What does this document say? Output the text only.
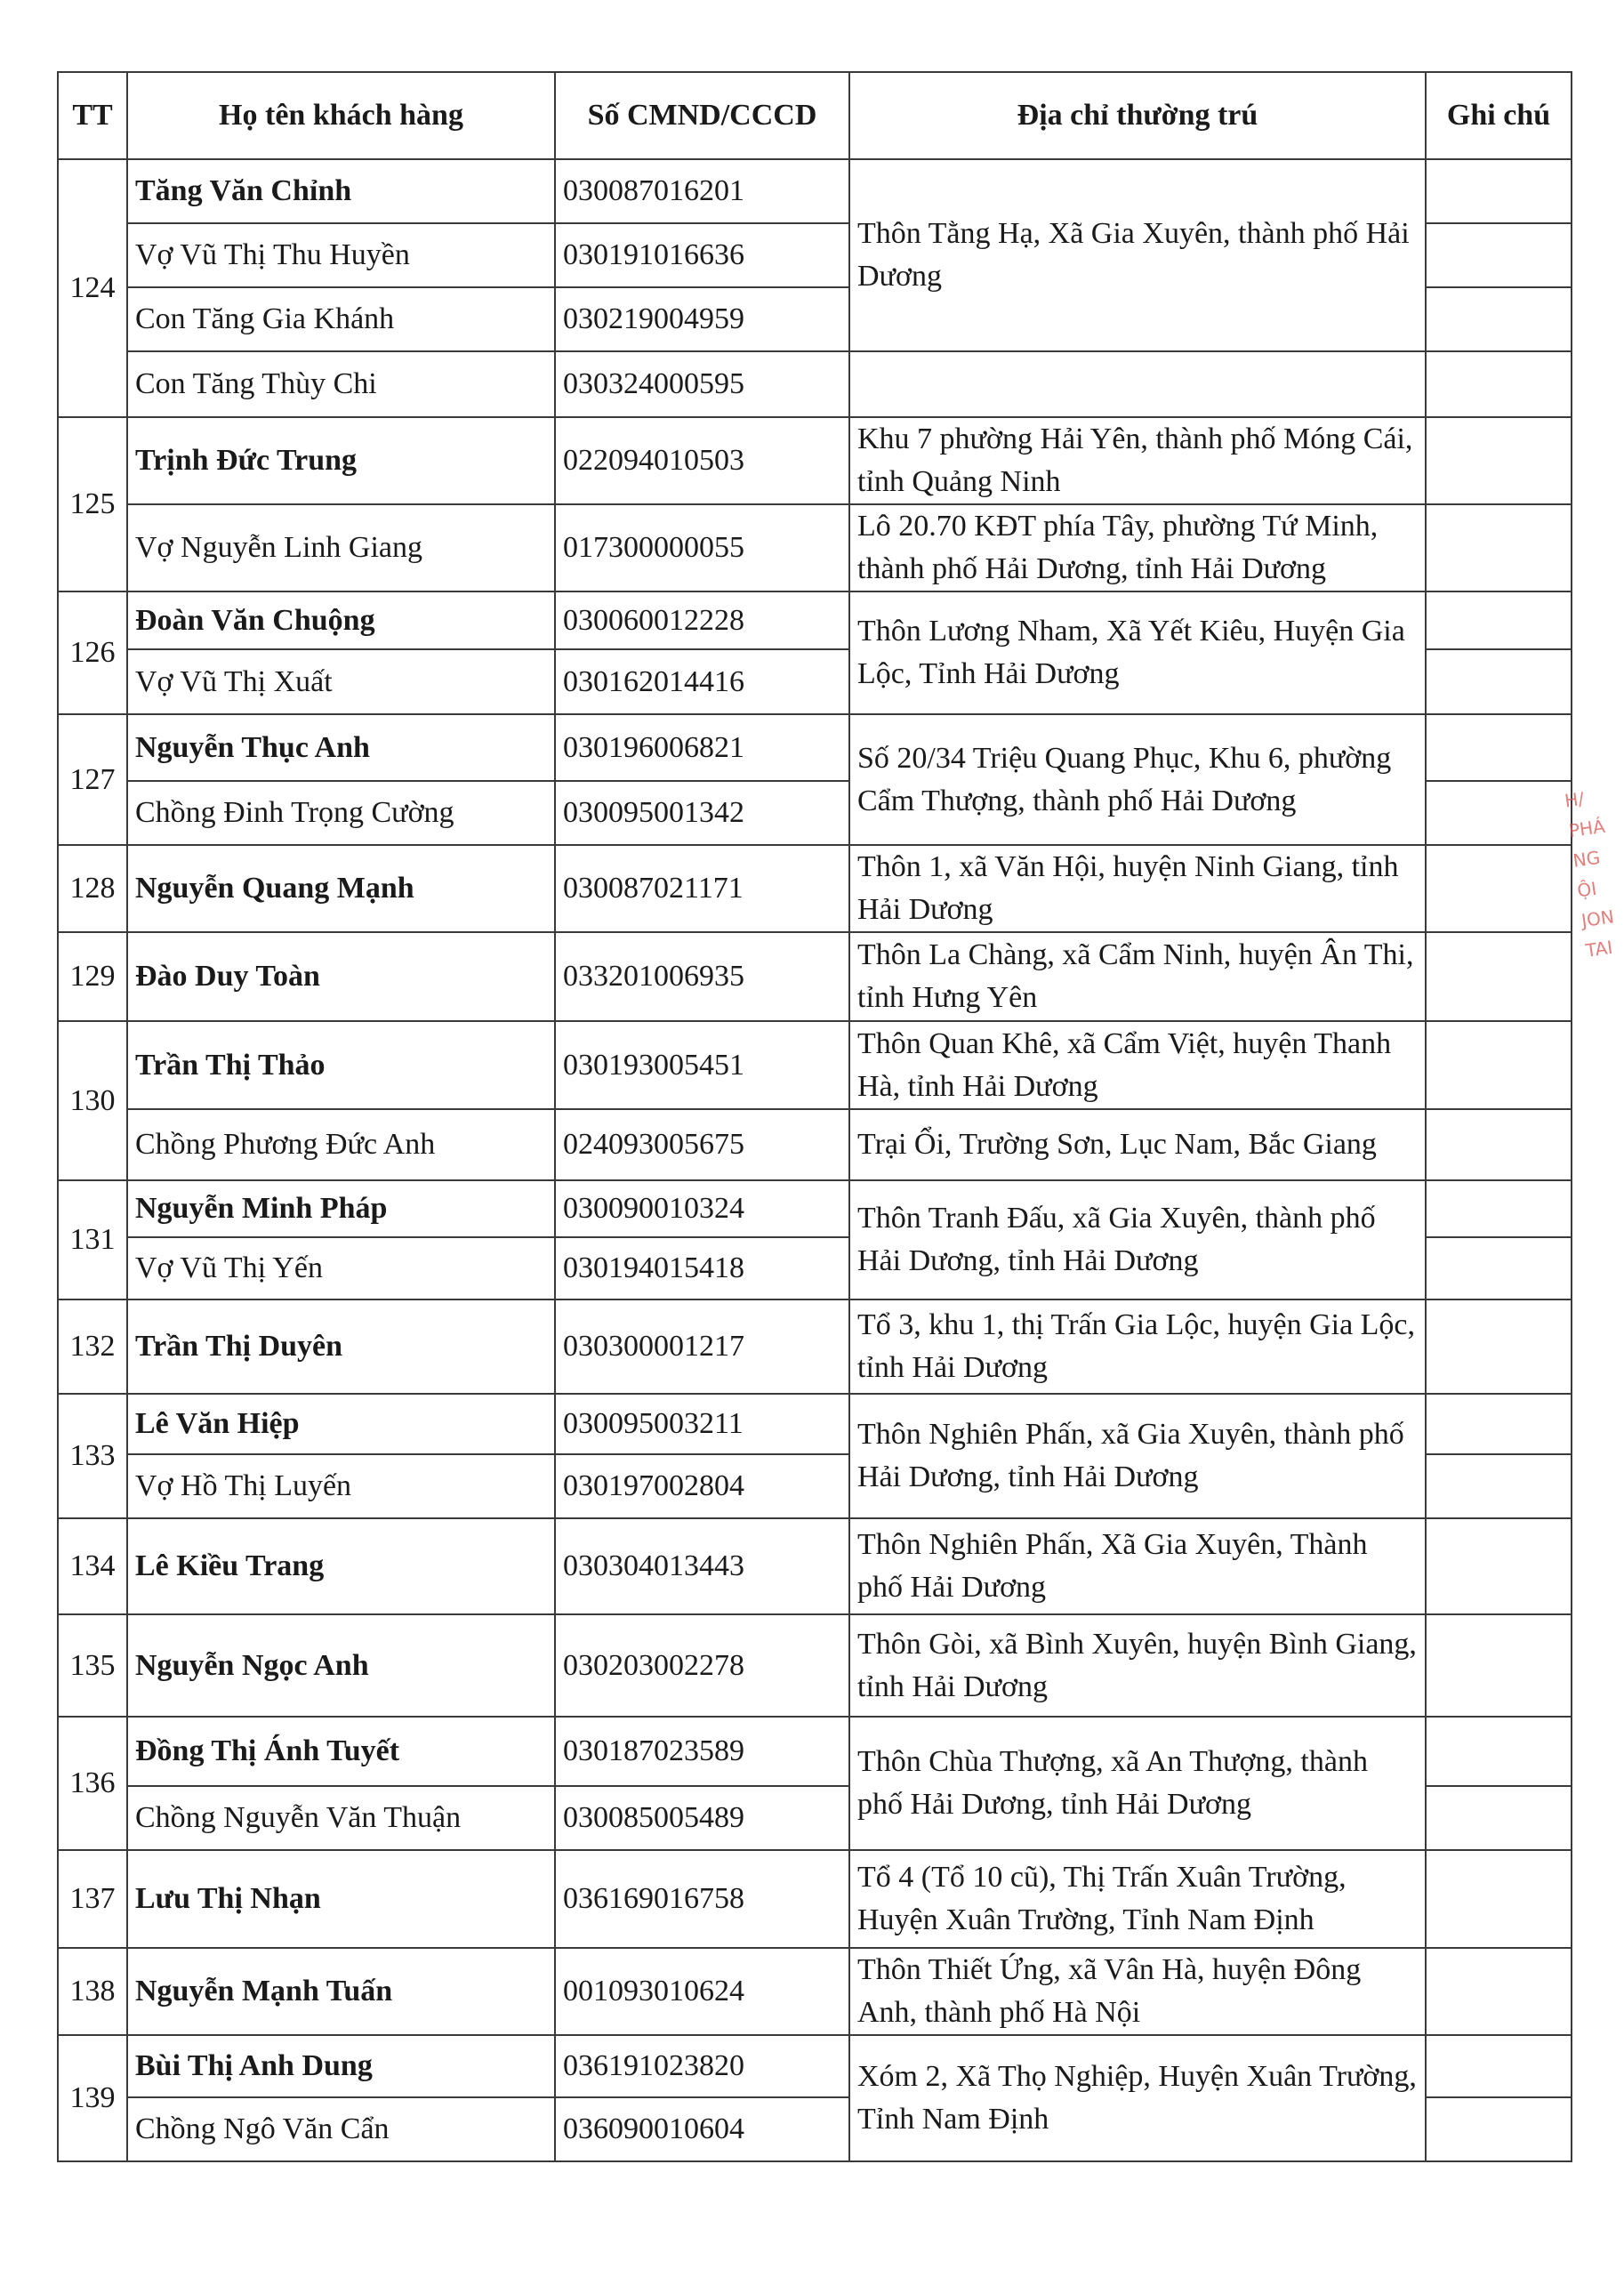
TT	Họ tên khách hàng	Số CMND/CCCD	Địa chỉ thường trú	Ghi chú
124	Tăng Văn Chỉnh	030087016201	Thôn Tằng Hạ, Xã Gia Xuyên, thành phố Hải Dương	
	Vợ Vũ Thị Thu Huyền	030191016636		
	Con Tăng Gia Khánh	030219004959		
	Con Tăng Thùy Chi	030324000595		
125	Trịnh Đức Trung	022094010503	Khu 7 phường Hải Yên, thành phố Móng Cái, tỉnh Quảng Ninh	
	Vợ Nguyễn Linh Giang	017300000055	Lô 20.70 KĐT phía Tây, phường Tứ Minh, thành phố Hải Dương, tỉnh Hải Dương	
126	Đoàn Văn Chuộng	030060012228	Thôn Lương Nham, Xã Yết Kiêu, Huyện Gia Lộc, Tỉnh Hải Dương	
	Vợ Vũ Thị Xuất	030162014416		
127	Nguyễn Thục Anh	030196006821	Số 20/34 Triệu Quang Phục, Khu 6, phường Cẩm Thượng, thành phố Hải Dương	
	Chồng Đinh Trọng Cường	030095001342		
128	Nguyễn Quang Mạnh	030087021171	Thôn 1, xã Văn Hội, huyện Ninh Giang, tỉnh Hải Dương	
129	Đào Duy Toàn	033201006935	Thôn La Chàng, xã Cẩm Ninh, huyện Ân Thi, tỉnh Hưng Yên	
130	Trần Thị Thảo	030193005451	Thôn Quan Khê, xã Cẩm Việt, huyện Thanh Hà, tỉnh Hải Dương	
	Chồng Phương Đức Anh	024093005675	Trại Ổi, Trường Sơn, Lục Nam, Bắc Giang	
131	Nguyễn Minh Pháp	030090010324	Thôn Tranh Đấu, xã Gia Xuyên, thành phố Hải Dương, tỉnh Hải Dương	
	Vợ Vũ Thị Yến	030194015418		
132	Trần Thị Duyên	030300001217	Tổ 3, khu 1, thị Trấn Gia Lộc, huyện Gia Lộc, tỉnh Hải Dương	
133	Lê Văn Hiệp	030095003211	Thôn Nghiên Phấn, xã Gia Xuyên, thành phố Hải Dương, tỉnh Hải Dương	
	Vợ Hồ Thị Luyến	030197002804		
134	Lê Kiều Trang	030304013443	Thôn Nghiên Phấn, Xã Gia Xuyên, Thành phố Hải Dương	
135	Nguyễn Ngọc Anh	030203002278	Thôn Gòi, xã Bình Xuyên, huyện Bình Giang, tỉnh Hải Dương	
136	Đồng Thị Ánh Tuyết	030187023589	Thôn Chùa Thượng, xã An Thượng, thành phố Hải Dương, tỉnh Hải Dương	
	Chồng Nguyễn Văn Thuận	030085005489		
137	Lưu Thị Nhạn	036169016758	Tổ 4 (Tổ 10 cũ), Thị Trấn Xuân Trường, Huyện Xuân Trường, Tỉnh Nam Định	
138	Nguyễn Mạnh Tuấn	001093010624	Thôn Thiết Ứng, xã Vân Hà, huyện Đông Anh, thành phố Hà Nội	
139	Bùi Thị Anh Dung	036191023820	Xóm 2, Xã Thọ Nghiệp, Huyện Xuân Trường, Tỉnh Nam Định	
	Chồng Ngô Văn Cẩn	036090010604		
H/ PHÁ NG ỘI JON TAI
